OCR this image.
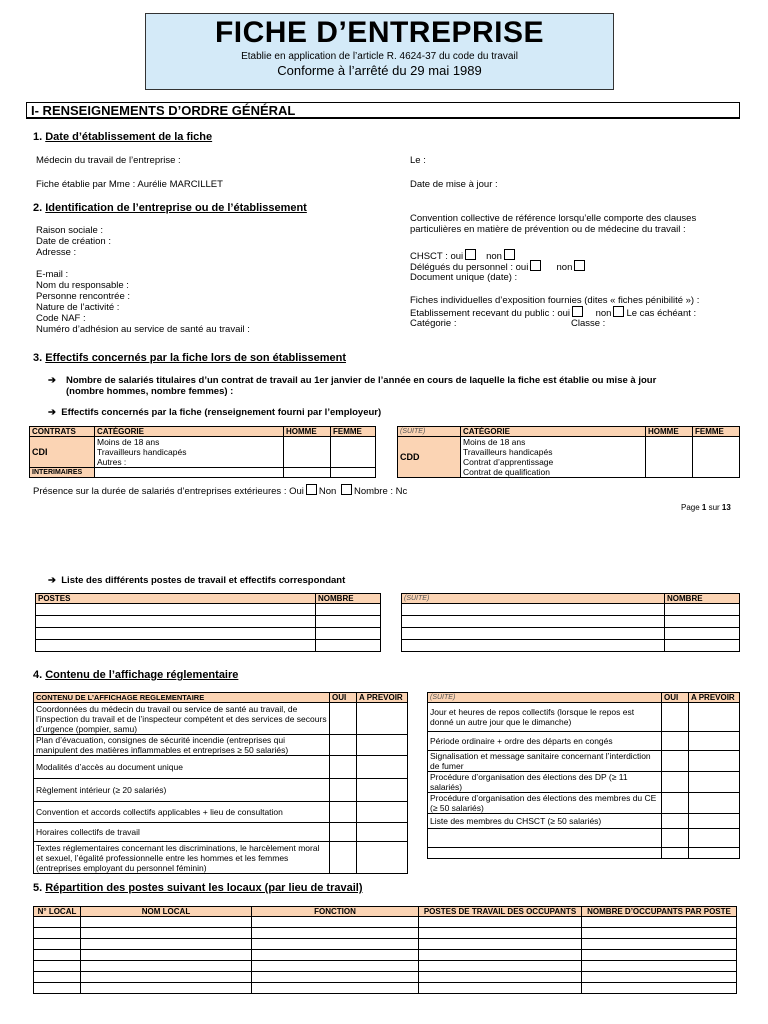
FICHE D’ENTREPRISE
Etablie en application de l’article R. 4624-37 du code du travail
Conforme à l’arrêté du 29 mai 1989
I- RENSEIGNEMENTS D’ORDRE GÉNÉRAL
1. Date d’établissement de la fiche
Médecin du travail de l’entreprise :	Le :
Fiche établie par Mme : Aurélie MARCILLET	Date de mise à jour :
2. Identification de l’entreprise ou de l’établissement
Raison sociale :
Date de création :
Adresse :
E-mail :
Nom du responsable :
Personne rencontrée :
Nature de l’activité :
Code NAF :
Numéro d’adhésion au service de santé au travail :
Convention collective de référence lorsqu’elle comporte des clauses
particulières en matière de prévention ou de médecine du travail :
CHSCT : oui non
Délégués du personnel : oui	non
Document unique (date) :
Fiches individuelles d’exposition fournies (dites « fiches pénibilité ») :
Etablissement recevant du public : oui	non Le cas échéant :
Catégorie :	Classe :
3. Effectifs concernés par la fiche lors de son établissement
➔ Nombre de salariés titulaires d’un contrat de travail au 1er janvier de l’année en cours de laquelle la fiche est établie ou mise à jour
(nombre hommes, nombre femmes) :
➔ Effectifs concernés par la fiche (renseignement fourni par l’employeur)
CONTRATS	CATÉGORIE	HOMME	FEMME
CDI	Moins de 18 ans
Travailleurs handicapés
Autres :		

INTERIMAIRES			
(SUITE)	CATÉGORIE	HOMME	FEMME
CDD	Moins de 18 ans
Travailleurs handicapés
Contrat d’apprentissage
Contrat de qualification		

Présence sur la durée de salariés d’entreprises extérieures : Oui Non Nombre : Nc
Page 1 sur 13
➔ Liste des différents postes de travail et effectifs correspondant
POSTES	NOMBRE

		(SUITE)	NOMBRE

4. Contenu de l’affichage réglementaire
CONTENU DE L’AFFICHAGE REGLEMENTAIRE	OUI	A PREVOIR
Coordonnées du médecin du travail ou service de santé au travail, de l’inspection du travail et de l’inspecteur compétent et des services de secours d’urgence (pompier, samu)		
Plan d’évacuation, consignes de sécurité incendie (entreprises qui manipulent des matières inflammables et entreprises ≥ 50 salariés)		
Modalités d’accès au document unique		
Règlement intérieur (≥ 20 salariés)		
Convention et accords collectifs applicables + lieu de consultation		
Horaires collectifs de travail		
Textes réglementaires concernant les discriminations, le harcèlement moral et sexuel, l’égalité professionnelle entre les hommes et les femmes (entreprises employant du personnel féminin)		
(SUITE)	OUI	A PREVOIR
Jour et heures de repos collectifs (lorsque le repos est donné un autre jour que le dimanche)		
Période ordinaire + ordre des départs en congés		
Signalisation et message sanitaire concernant l’interdiction de fumer		
Procédure d’organisation des élections des DP (≥ 11 salariés)		
Procédure d’organisation des élections des membres du CE (≥ 50 salariés)		
Liste des membres du CHSCT (≥ 50 salariés)		

5. Répartition des postes suivant les locaux (par lieu de travail)
N° LOCAL	NOM LOCAL	FONCTION	POSTES DE TRAVAIL DES OCCUPANTS	NOMBRE D’OCCUPANTS PAR POSTE
